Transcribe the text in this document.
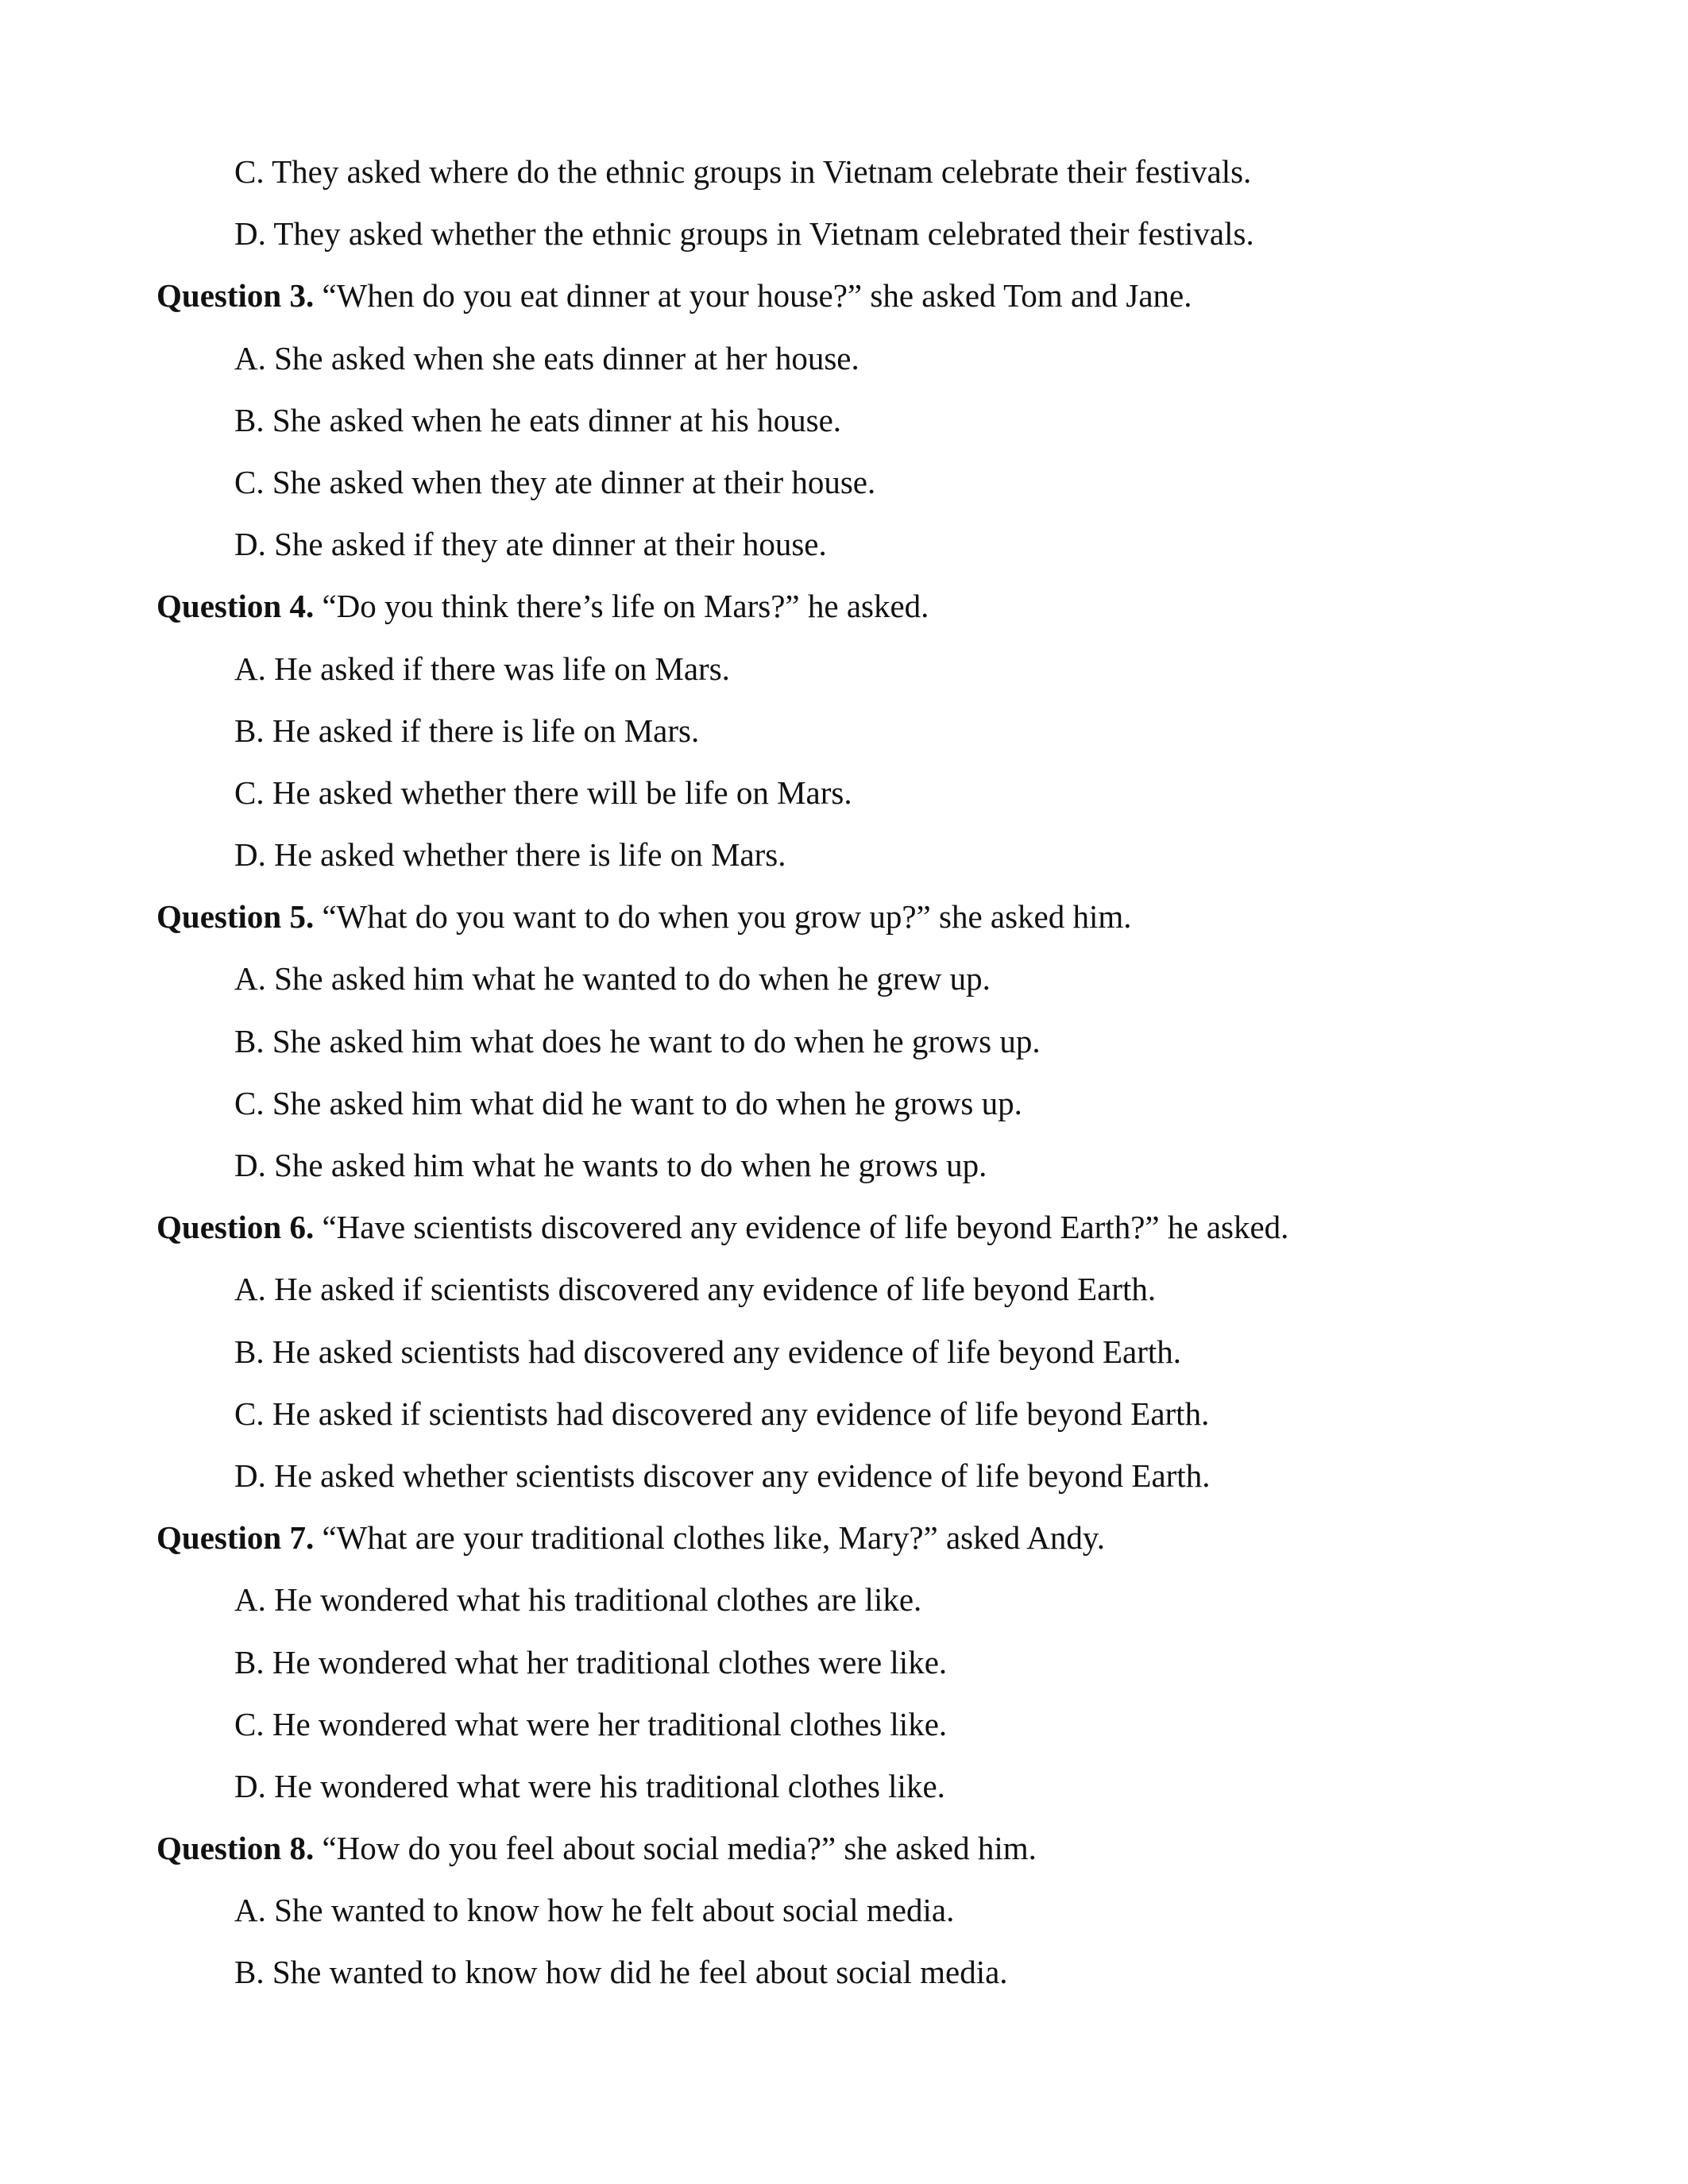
C. They asked where do the ethnic groups in Vietnam celebrate their festivals.
D. They asked whether the ethnic groups in Vietnam celebrated their festivals.
Question 3. “When do you eat dinner at your house?” she asked Tom and Jane.
A. She asked when she eats dinner at her house.
B. She asked when he eats dinner at his house.
C. She asked when they ate dinner at their house.
D. She asked if they ate dinner at their house.
Question 4. “Do you think there’s life on Mars?” he asked.
A. He asked if there was life on Mars.
B. He asked if there is life on Mars.
C. He asked whether there will be life on Mars.
D. He asked whether there is life on Mars.
Question 5. “What do you want to do when you grow up?” she asked him.
A. She asked him what he wanted to do when he grew up.
B. She asked him what does he want to do when he grows up.
C. She asked him what did he want to do when he grows up.
D. She asked him what he wants to do when he grows up.
Question 6. “Have scientists discovered any evidence of life beyond Earth?” he asked.
A. He asked if scientists discovered any evidence of life beyond Earth.
B. He asked scientists had discovered any evidence of life beyond Earth.
C. He asked if scientists had discovered any evidence of life beyond Earth.
D. He asked whether scientists discover any evidence of life beyond Earth.
Question 7. “What are your traditional clothes like, Mary?” asked Andy.
A. He wondered what his traditional clothes are like.
B. He wondered what her traditional clothes were like.
C. He wondered what were her traditional clothes like.
D. He wondered what were his traditional clothes like.
Question 8. “How do you feel about social media?” she asked him.
A. She wanted to know how he felt about social media.
B. She wanted to know how did he feel about social media.
